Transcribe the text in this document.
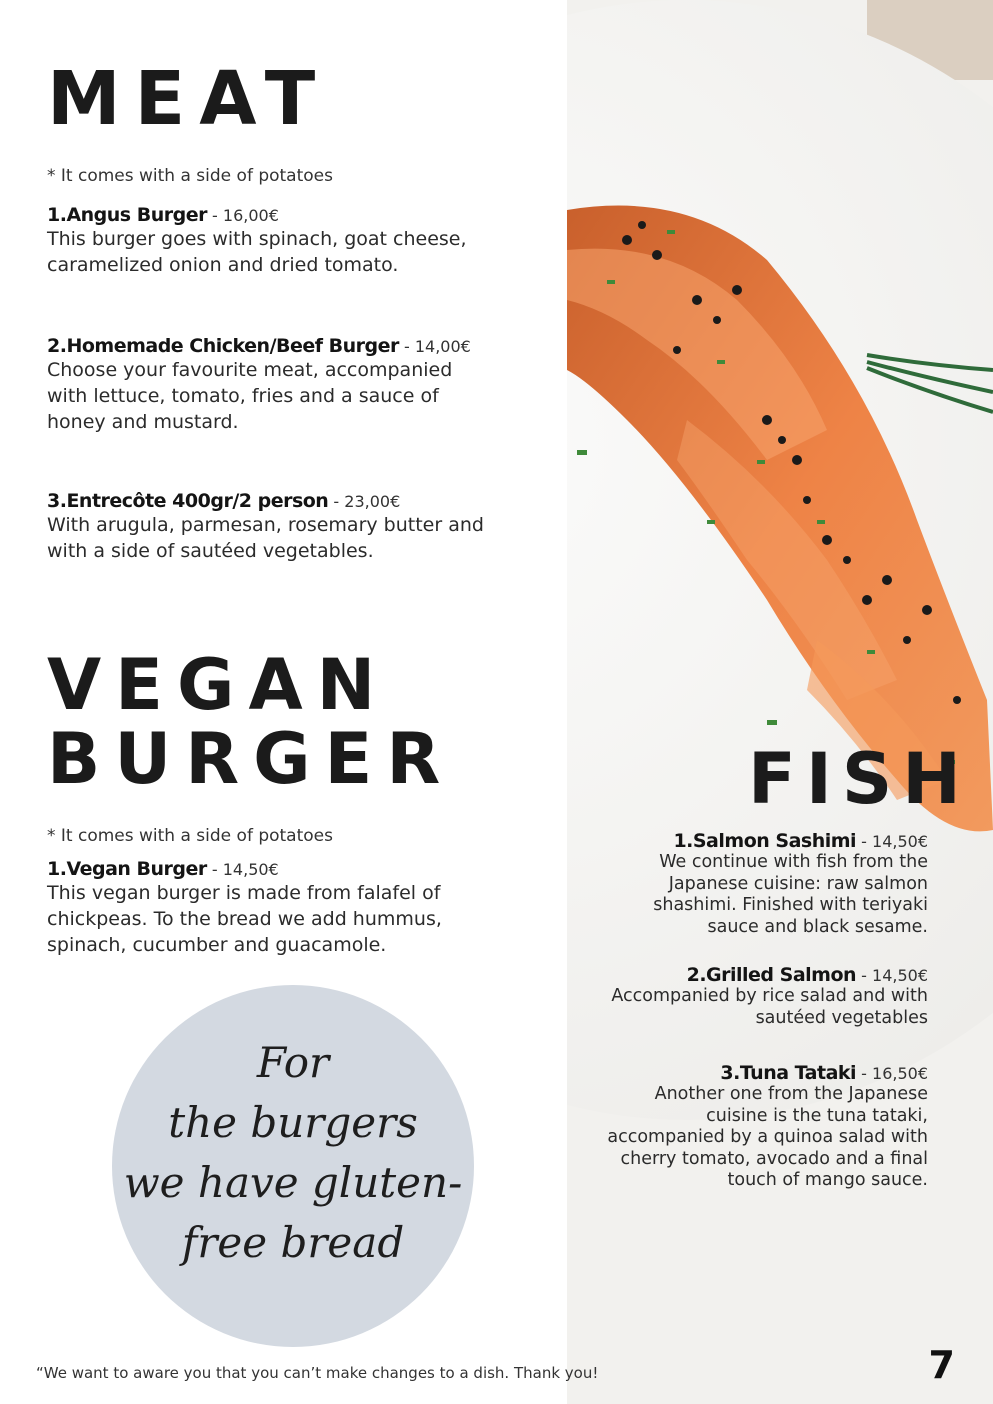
MEAT
* It comes with a side of potatoes
1.Angus Burger - 16,00€
This burger goes with spinach, goat cheese, caramelized onion and dried tomato.
2.Homemade Chicken/Beef Burger - 14,00€
Choose your favourite meat, accompanied with lettuce, tomato, fries and a sauce of honey and mustard.
3.Entrecôte 400gr/2 person - 23,00€
With arugula, parmesan, rosemary butter and with a side of sautéed vegetables.
VEGAN
BURGER
* It comes with a side of potatoes
1.Vegan Burger - 14,50€
This vegan burger is made from falafel of chickpeas. To the bread we add hummus, spinach, cucumber and guacamole.
For
the burgers
we have gluten-
free bread
FISH
1.Salmon Sashimi - 14,50€
We continue with fish from the Japanese cuisine: raw salmon shashimi. Finished with teriyaki sauce and black sesame.
2.Grilled Salmon - 14,50€
Accompanied by rice salad and with sautéed vegetables
3.Tuna Tataki - 16,50€
Another one from the Japanese cuisine is the tuna tataki, accompanied by a quinoa salad with cherry tomato, avocado and a final touch of mango sauce.
“We want to aware you that you can’t make changes to a dish. Thank you!	7
